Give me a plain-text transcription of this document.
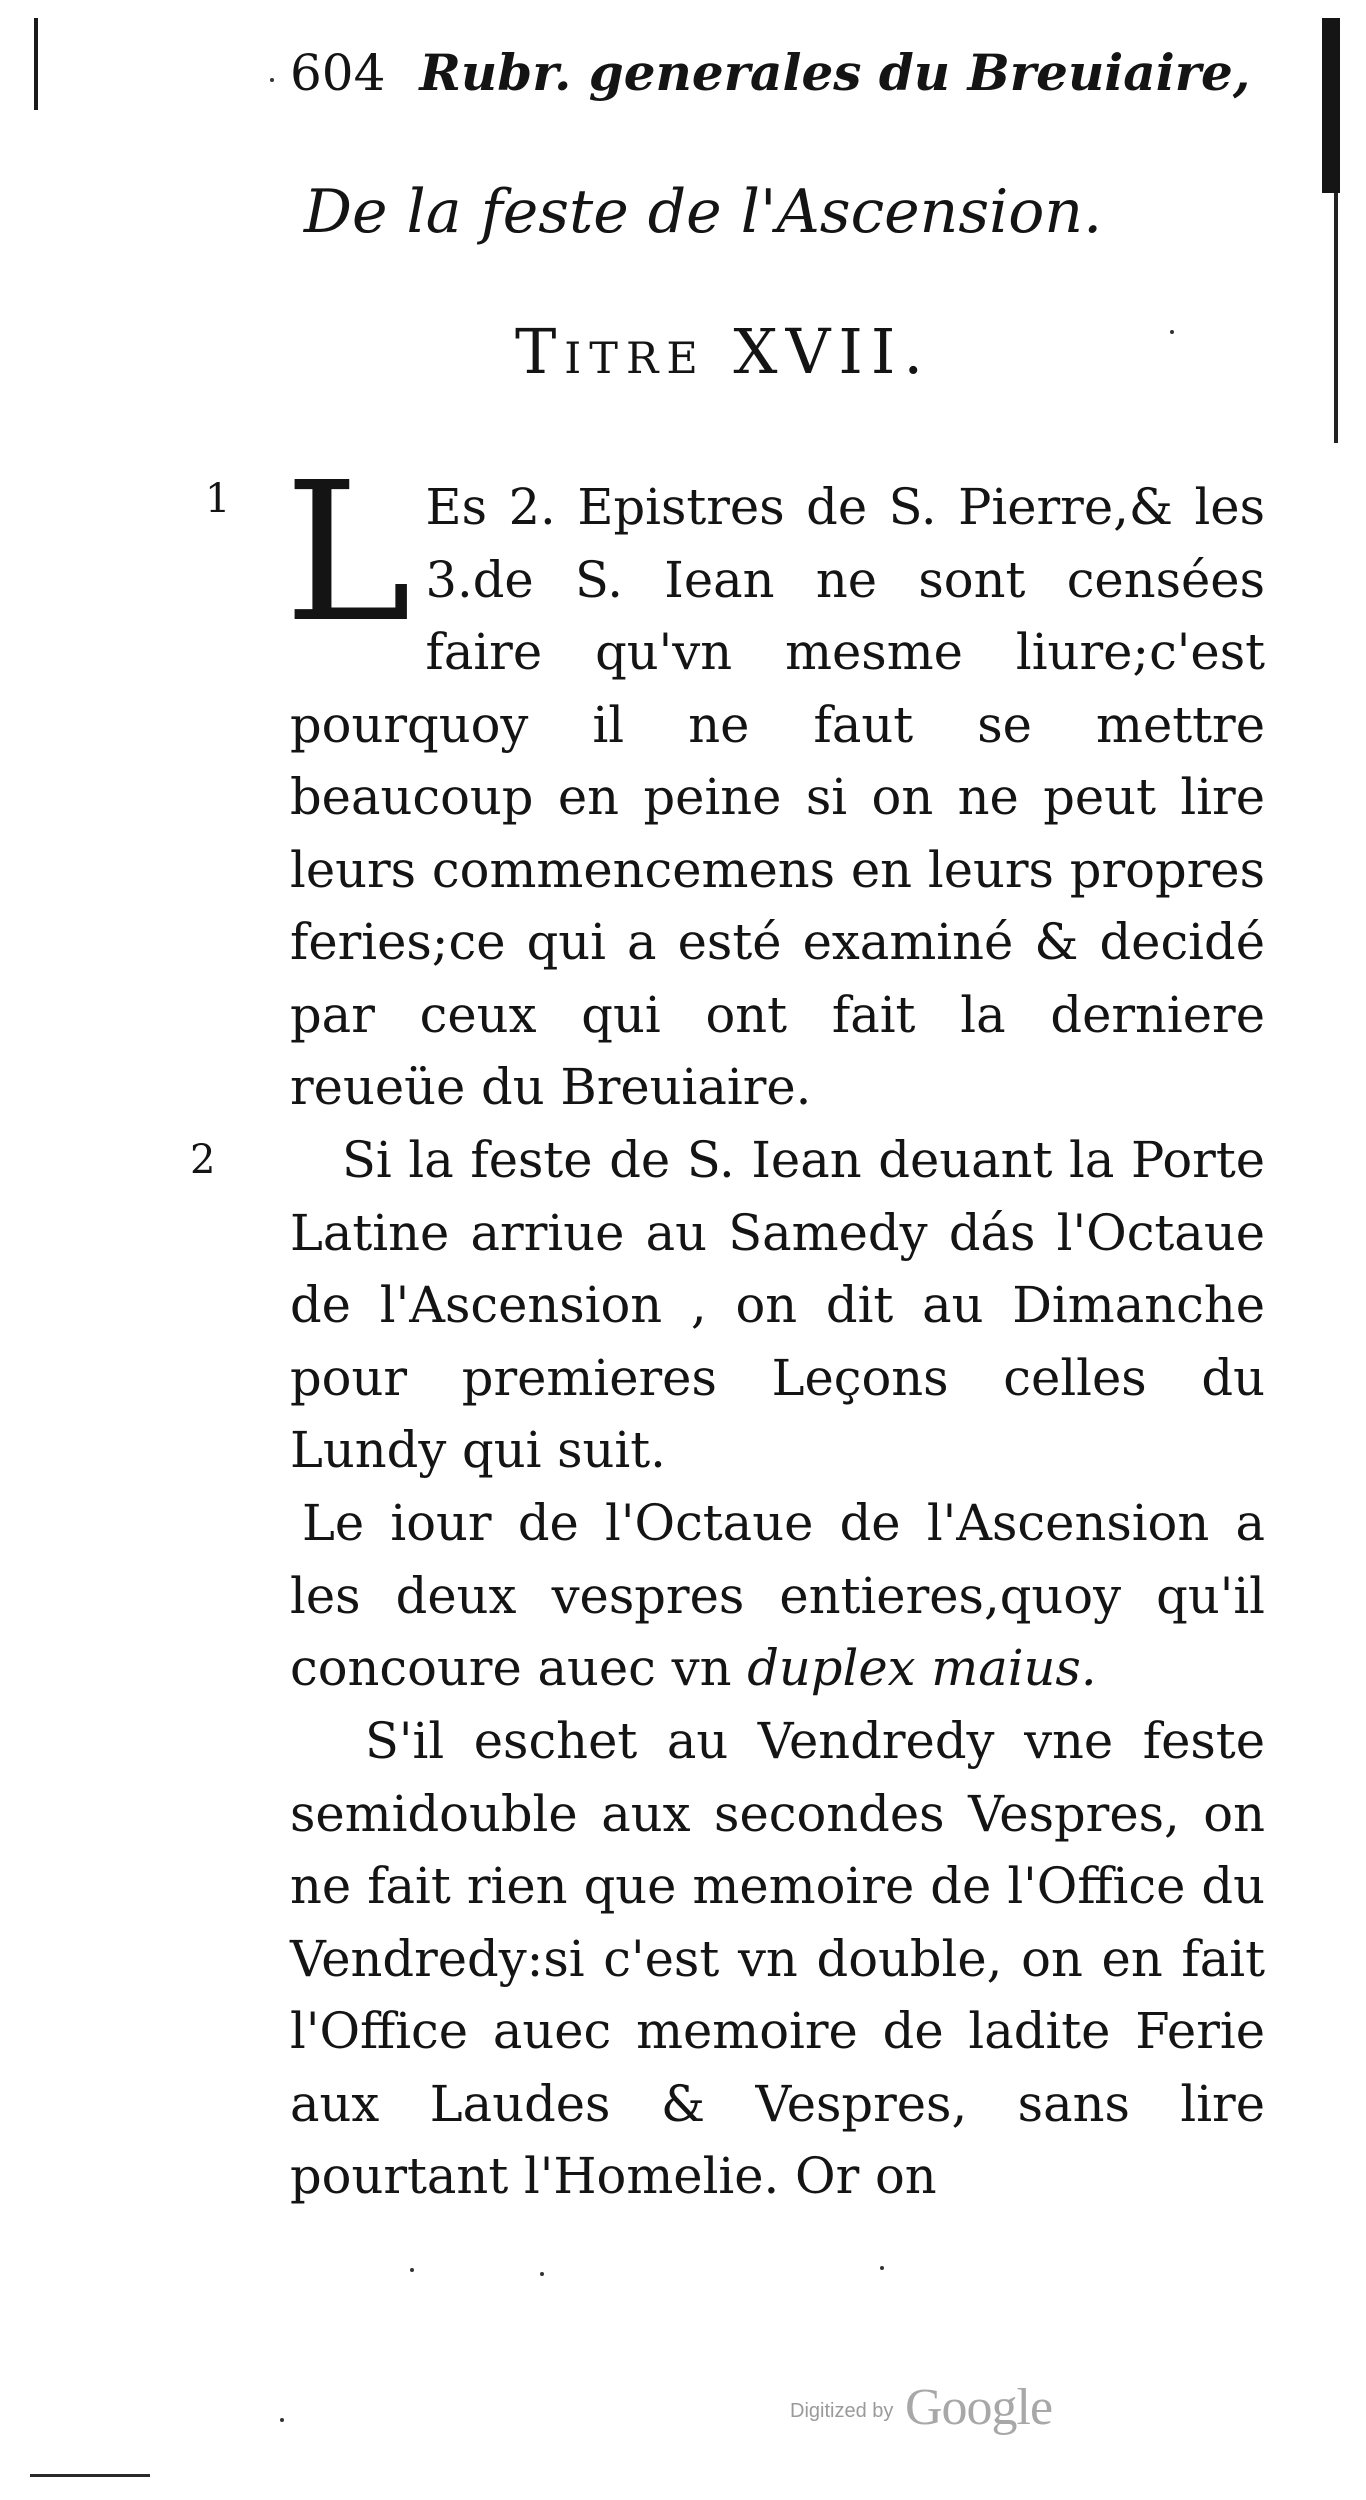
604 Rubr. generales du Breuiaire,
De la feste de l'Ascension.
Titre XVII.
1 L Es 2. Epistres de S. Pierre,& les 3.de S. Iean ne sont censées faire qu'vn mesme liure;c'est pourquoy il ne faut se mettre beaucoup en peine si on ne peut lire leurs commencemens en leurs propres feries;ce qui a esté examiné & decidé par ceux qui ont fait la derniere reueüe du Breuiaire.

2	Si la feste de S. Iean deuant la Porte Latine arriue au Samedy dás l'Octaue de l'Ascension , on dit au Dimanche pour premieres Leçons celles du Lundy qui suit.

Le iour de l'Octaue de l'Ascension a les deux vespres entieres,quoy qu'il concoure auec vn duplex maius.

S'il eschet au Vendredy vne feste semidouble aux secondes Vespres, on ne fait rien que memoire de l'Office du Vendredy:si c'est vn double, on en fait l'Office auec memoire de ladite Ferie aux Laudes & Vespres, sans lire pourtant l'Homelie. Or on

Digitized by Google
